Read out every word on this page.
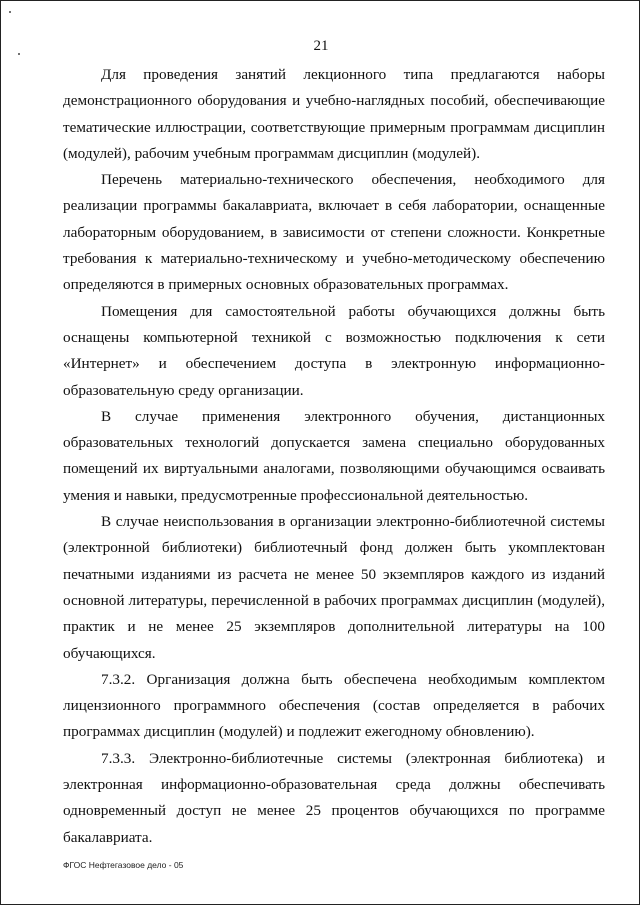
21

Для проведения занятий лекционного типа предлагаются наборы демонстрационного оборудования и учебно-наглядных пособий, обеспечивающие тематические иллюстрации, соответствующие примерным программам дисциплин (модулей), рабочим учебным программам дисциплин (модулей).

Перечень материально-технического обеспечения, необходимого для реализации программы бакалавриата, включает в себя лаборатории, оснащенные лабораторным оборудованием, в зависимости от степени сложности. Конкретные требования к материально-техническому и учебно-методическому обеспечению определяются в примерных основных образовательных программах.

Помещения для самостоятельной работы обучающихся должны быть оснащены компьютерной техникой с возможностью подключения к сети «Интернет» и обеспечением доступа в электронную информационно-образовательную среду организации.

В случае применения электронного обучения, дистанционных образовательных технологий допускается замена специально оборудованных помещений их виртуальными аналогами, позволяющими обучающимся осваивать умения и навыки, предусмотренные профессиональной деятельностью.

В случае неиспользования в организации электронно-библиотечной системы (электронной библиотеки) библиотечный фонд должен быть укомплектован печатными изданиями из расчета не менее 50 экземпляров каждого из изданий основной литературы, перечисленной в рабочих программах дисциплин (модулей), практик и не менее 25 экземпляров дополнительной литературы на 100 обучающихся.

7.3.2. Организация должна быть обеспечена необходимым комплектом лицензионного программного обеспечения (состав определяется в рабочих программах дисциплин (модулей) и подлежит ежегодному обновлению).

7.3.3. Электронно-библиотечные системы (электронная библиотека) и электронная информационно-образовательная среда должны обеспечивать одновременный доступ не менее 25 процентов обучающихся по программе бакалавриата.

ФГОС Нефтегазовое дело - 05
